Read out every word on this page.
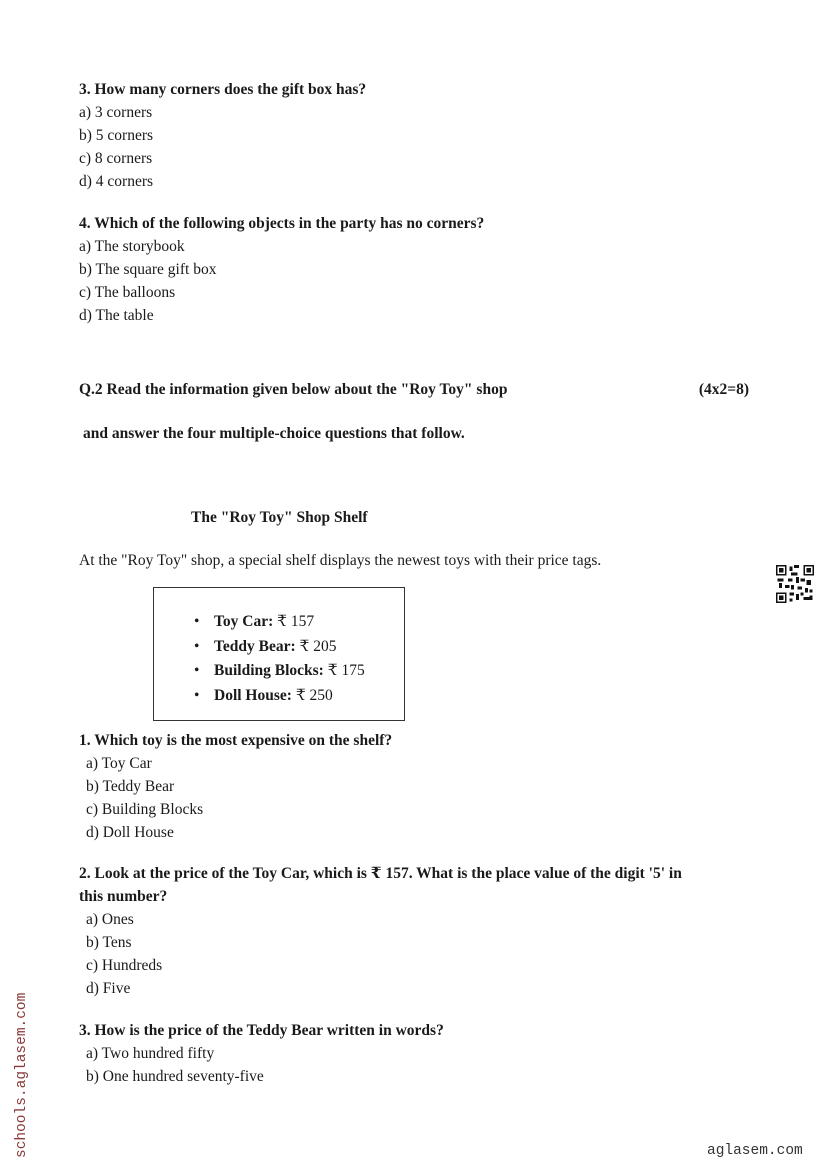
3. How many corners does the gift box has?
a) 3 corners
b) 5 corners
c) 8 corners
d) 4 corners
4. Which of the following objects in the party has no corners?
a) The storybook
b) The square gift box
c) The balloons
d) The table
Q.2 Read the information given below about the "Roy Toy" shop	(4x2=8)
and answer the four multiple-choice questions that follow.
The "Roy Toy" Shop Shelf
At the "Roy Toy" shop, a special shelf displays the newest toys with their price tags.
• Toy Car: ₹ 157
• Teddy Bear: ₹ 205
• Building Blocks: ₹ 175
• Doll House: ₹ 250
1. Which toy is the most expensive on the shelf?
a) Toy Car
b) Teddy Bear
c) Building Blocks
d) Doll House
2. Look at the price of the Toy Car, which is ₹ 157. What is the place value of the digit '5' in
this number?
a) Ones
b) Tens
c) Hundreds
d) Five
3. How is the price of the Teddy Bear written in words?
a) Two hundred fifty
b) One hundred seventy-five
schools.aglasem.com	aglasem.com
